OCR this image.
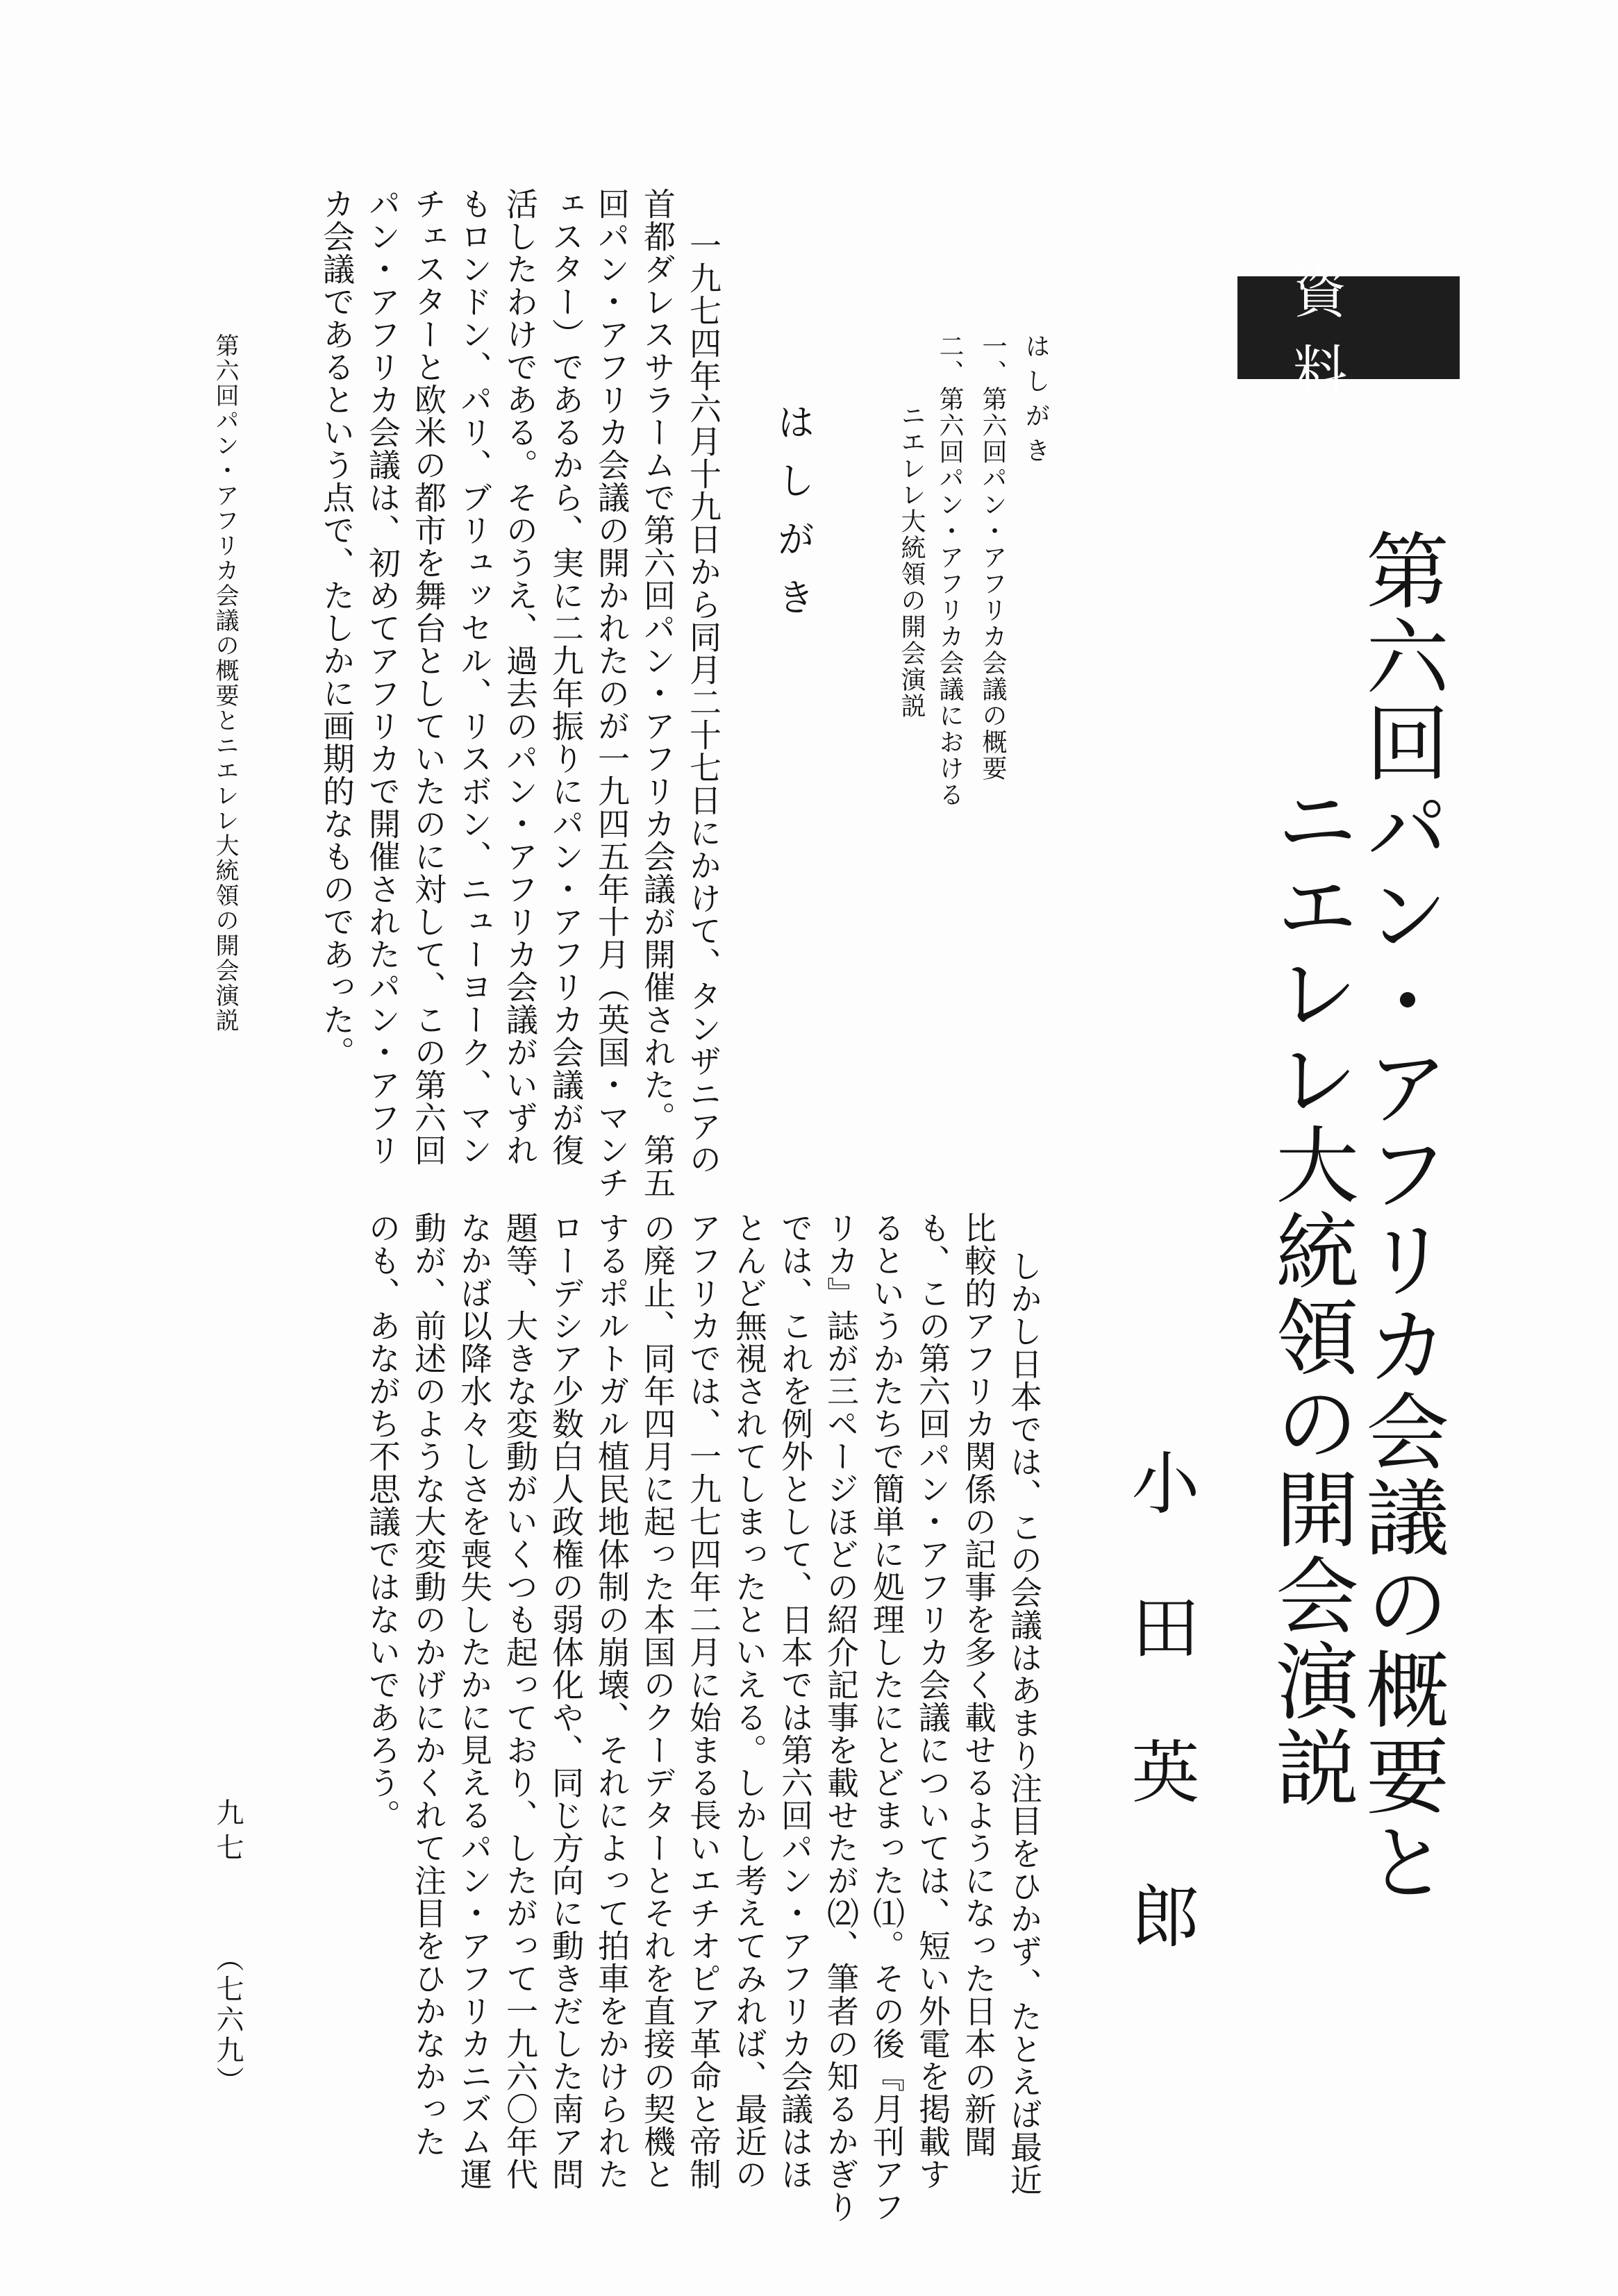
資料
第六回パン・アフリカ会議の概要と
ニエレレ大統領の開会演説
小田英郎
はしがき
一、第六回パン・アフリカ会議の概要
二、第六回パン・アフリカ会議における
ニエレレ大統領の開会演説
はしがき
一九七四年六月十九日から同月二十七日にかけて、タンザニアの
首都ダレスサラームで第六回パン・アフリカ会議が開催された。第五
回パン・アフリカ会議の開かれたのが一九四五年十月（英国・マンチ
ェスター）であるから、実に二九年振りにパン・アフリカ会議が復
活したわけである。そのうえ、過去のパン・アフリカ会議がいずれ
もロンドン、パリ、ブリュッセル、リスボン、ニューヨーク、マン
チェスターと欧米の都市を舞台としていたのに対して、この第六回
パン・アフリカ会議は、初めてアフリカで開催されたパン・アフリ
カ会議であるという点で、たしかに画期的なものであった。
しかし日本では、この会議はあまり注目をひかず、たとえば最近
比較的アフリカ関係の記事を多く載せるようになった日本の新聞
も、この第六回パン・アフリカ会議については、短い外電を掲載す
るというかたちで簡単に処理したにとどまった⑴。その後『月刊アフ
リカ』誌が三ページほどの紹介記事を載せたが⑵、筆者の知るかぎり
では、これを例外として、日本では第六回パン・アフリカ会議はほ
とんど無視されてしまったといえる。しかし考えてみれば、最近の
アフリカでは、一九七四年二月に始まる長いエチオピア革命と帝制
の廃止、同年四月に起った本国のクーデターとそれを直接の契機と
するポルトガル植民地体制の崩壊、それによって拍車をかけられた
ローデシア少数白人政権の弱体化や、同じ方向に動きだした南ア問
題等、大きな変動がいくつも起っており、したがって一九六〇年代
なかば以降水々しさを喪失したかに見えるパン・アフリカニズム運
動が、前述のような大変動のかげにかくれて注目をひかなかった
のも、あながち不思議ではないであろう。
第六回パン・アフリカ会議の概要とニエレレ大統領の開会演説
九七
（七六九）
